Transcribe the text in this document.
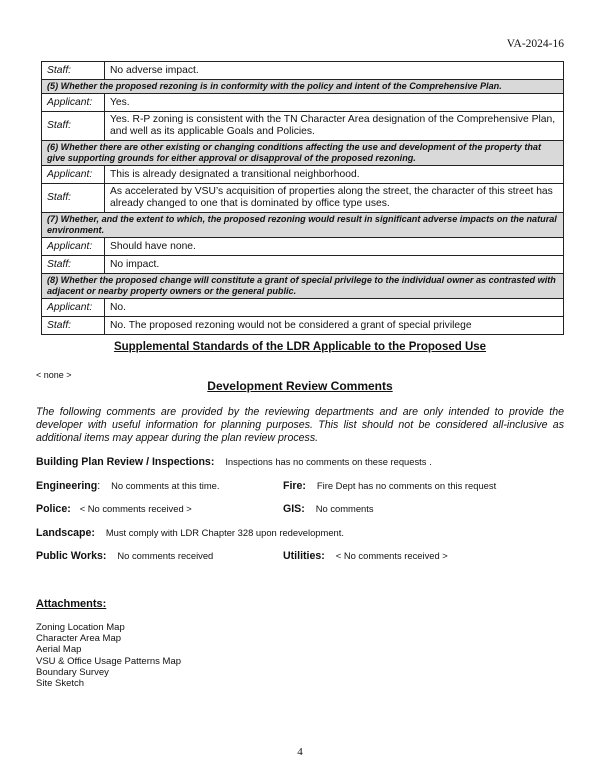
VA-2024-16
Staff:	No adverse impact.
(5) Whether the proposed rezoning is in conformity with the policy and intent of the Comprehensive Plan.	
Applicant:	Yes.
Staff:	Yes. R-P zoning is consistent with the TN Character Area designation of the Comprehensive Plan, and well as its applicable Goals and Policies.
(6) Whether there are other existing or changing conditions affecting the use and development of the property that give supporting grounds for either approval or disapproval of the proposed rezoning.	
Applicant:	This is already designated a transitional neighborhood.
Staff:	As accelerated by VSU’s acquisition of properties along the street, the character of this street has already changed to one that is dominated by office type uses.
(7) Whether, and the extent to which, the proposed rezoning would result in significant adverse impacts on the natural environment.	
Applicant:	Should have none.
Staff:	No impact.
(8) Whether the proposed change will constitute a grant of special privilege to the individual owner as contrasted with adjacent or nearby property owners or the general public.	
Applicant:	No.
Staff:	No. The proposed rezoning would not be considered a grant of special privilege
Supplemental Standards of the LDR Applicable to the Proposed Use
< none >
Development Review Comments
The following comments are provided by the reviewing departments and are only intended to provide the developer with useful information for planning purposes. This list should not be considered all-inclusive as additional items may appear during the plan review process.
Building Plan Review / Inspections: Inspections has no comments on these requests .
Engineering: No comments at this time.	Fire: Fire Dept has no comments on this request
Police: < No comments received >	GIS: No comments
Landscape: Must comply with LDR Chapter 328 upon redevelopment.
Public Works: No comments received	Utilities: < No comments received >
Attachments:
Zoning Location Map
Character Area Map
Aerial Map
VSU & Office Usage Patterns Map
Boundary Survey
Site Sketch
4
